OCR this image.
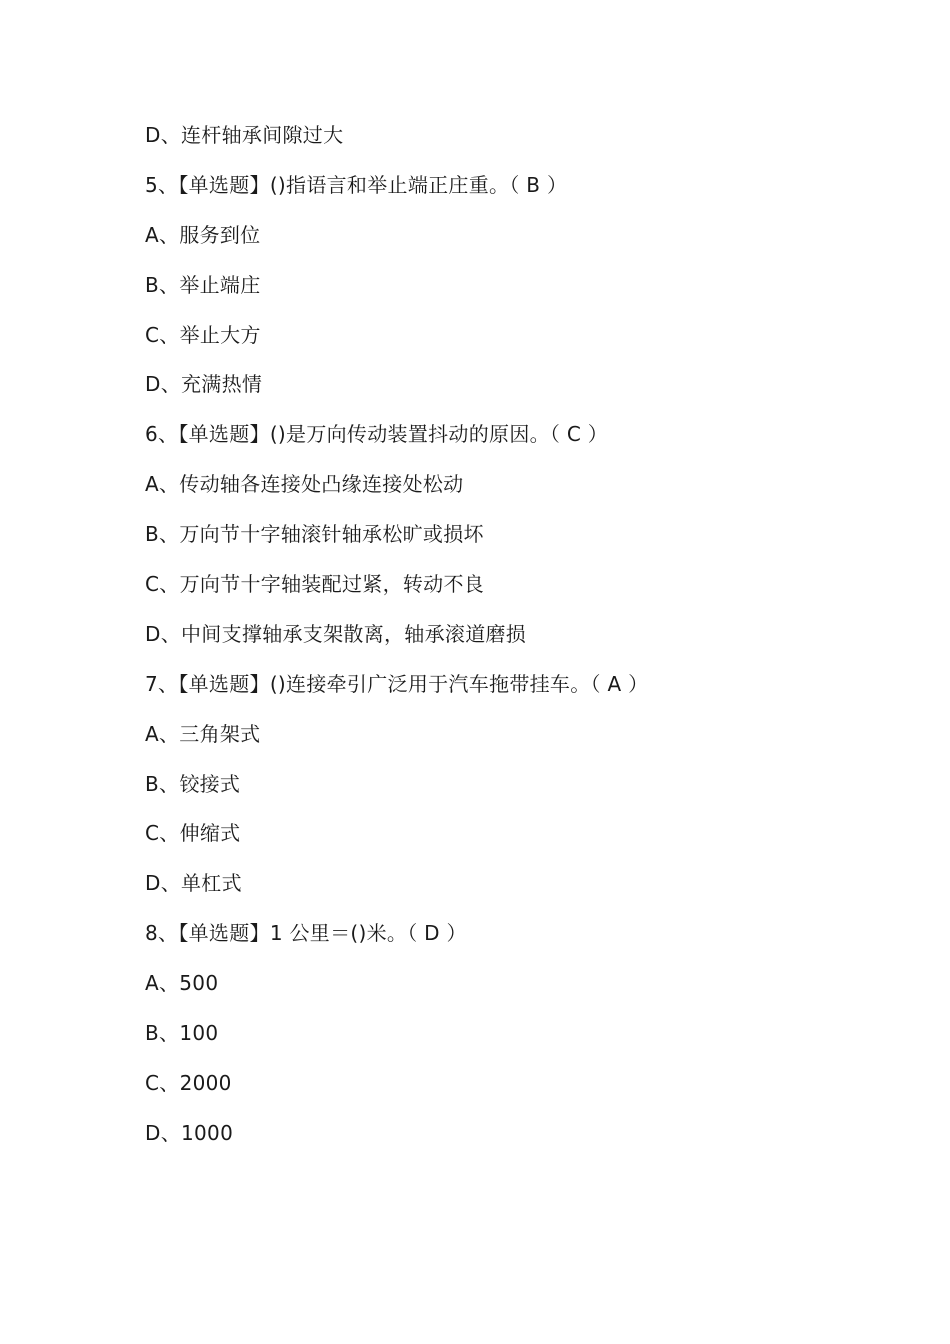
D、连杆轴承间隙过大
5、【单选题】()指语言和举止端正庄重。（ B ）
A、服务到位
B、举止端庄
C、举止大方
D、充满热情
6、【单选题】()是万向传动装置抖动的原因。（ C ）
A、传动轴各连接处凸缘连接处松动
B、万向节十字轴滚针轴承松旷或损坏
C、万向节十字轴装配过紧，转动不良
D、中间支撑轴承支架散离，轴承滚道磨损
7、【单选题】()连接牵引广泛用于汽车拖带挂车。（ A ）
A、三角架式
B、铰接式
C、伸缩式
D、单杠式
8、【单选题】1 公里＝()米。（ D ）
A、500
B、100
C、2000
D、1000
